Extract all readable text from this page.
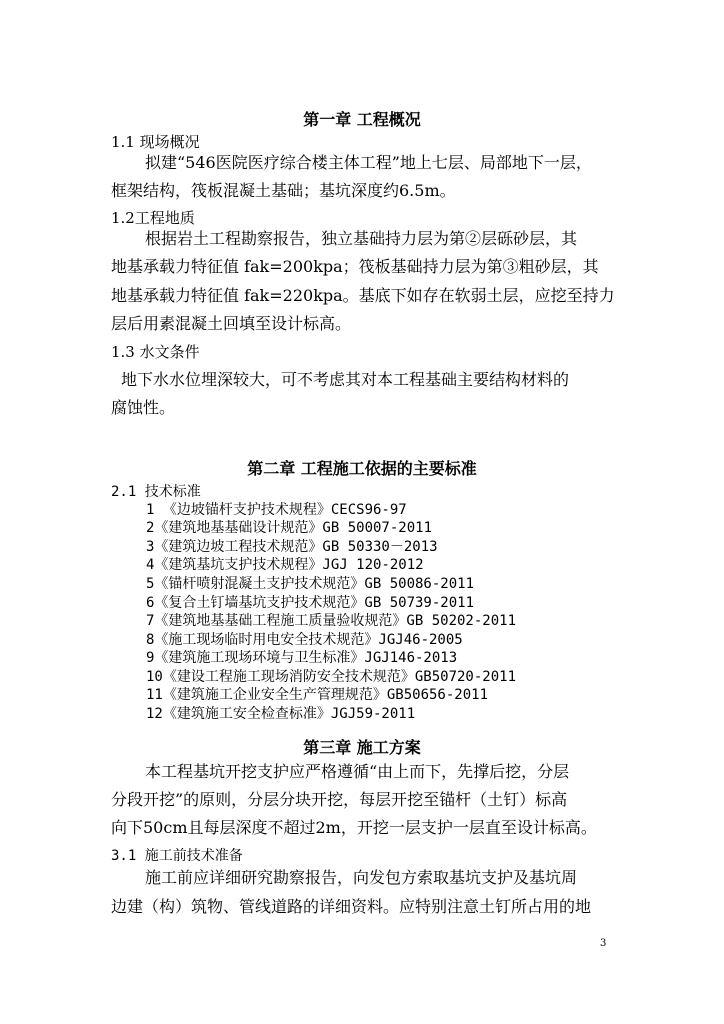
第一章 工程概况
1.1 现场概况
拟建“546医院医疗综合楼主体工程”地上七层、局部地下一层，
框架结构，筏板混凝土基础；基坑深度约6.5m。
1.2工程地质
根据岩土工程勘察报告，独立基础持力层为第②层砾砂层，其
地基承载力特征值 fak=200kpa；筏板基础持力层为第③粗砂层，其
地基承载力特征值 fak=220kpa。基底下如存在软弱土层，应挖至持力
层后用素混凝土回填至设计标高。
1.3 水文条件
地下水水位埋深较大，可不考虑其对本工程基础主要结构材料的
腐蚀性。
第二章 工程施工依据的主要标准
2.1 技术标准
1 《边坡锚杆支护技术规程》CECS96-97
2《建筑地基基础设计规范》GB 50007-2011
3《建筑边坡工程技术规范》GB 50330－2013
4《建筑基坑支护技术规程》JGJ 120-2012
5《锚杆喷射混凝土支护技术规范》GB 50086-2011
6《复合土钉墙基坑支护技术规范》GB 50739-2011
7《建筑地基基础工程施工质量验收规范》GB 50202-2011
8《施工现场临时用电安全技术规范》JGJ46-2005
9《建筑施工现场环境与卫生标准》JGJ146-2013
10《建设工程施工现场消防安全技术规范》GB50720-2011
11《建筑施工企业安全生产管理规范》GB50656-2011
12《建筑施工安全检查标准》JGJ59-2011
第三章 施工方案
本工程基坑开挖支护应严格遵循“由上而下，先撑后挖，分层
分段开挖”的原则，分层分块开挖，每层开挖至锚杆（土钉）标高
向下50cm且每层深度不超过2m，开挖一层支护一层直至设计标高。
3.1 施工前技术准备
施工前应详细研究勘察报告，向发包方索取基坑支护及基坑周
边建（构）筑物、管线道路的详细资料。应特别注意土钉所占用的地
3
